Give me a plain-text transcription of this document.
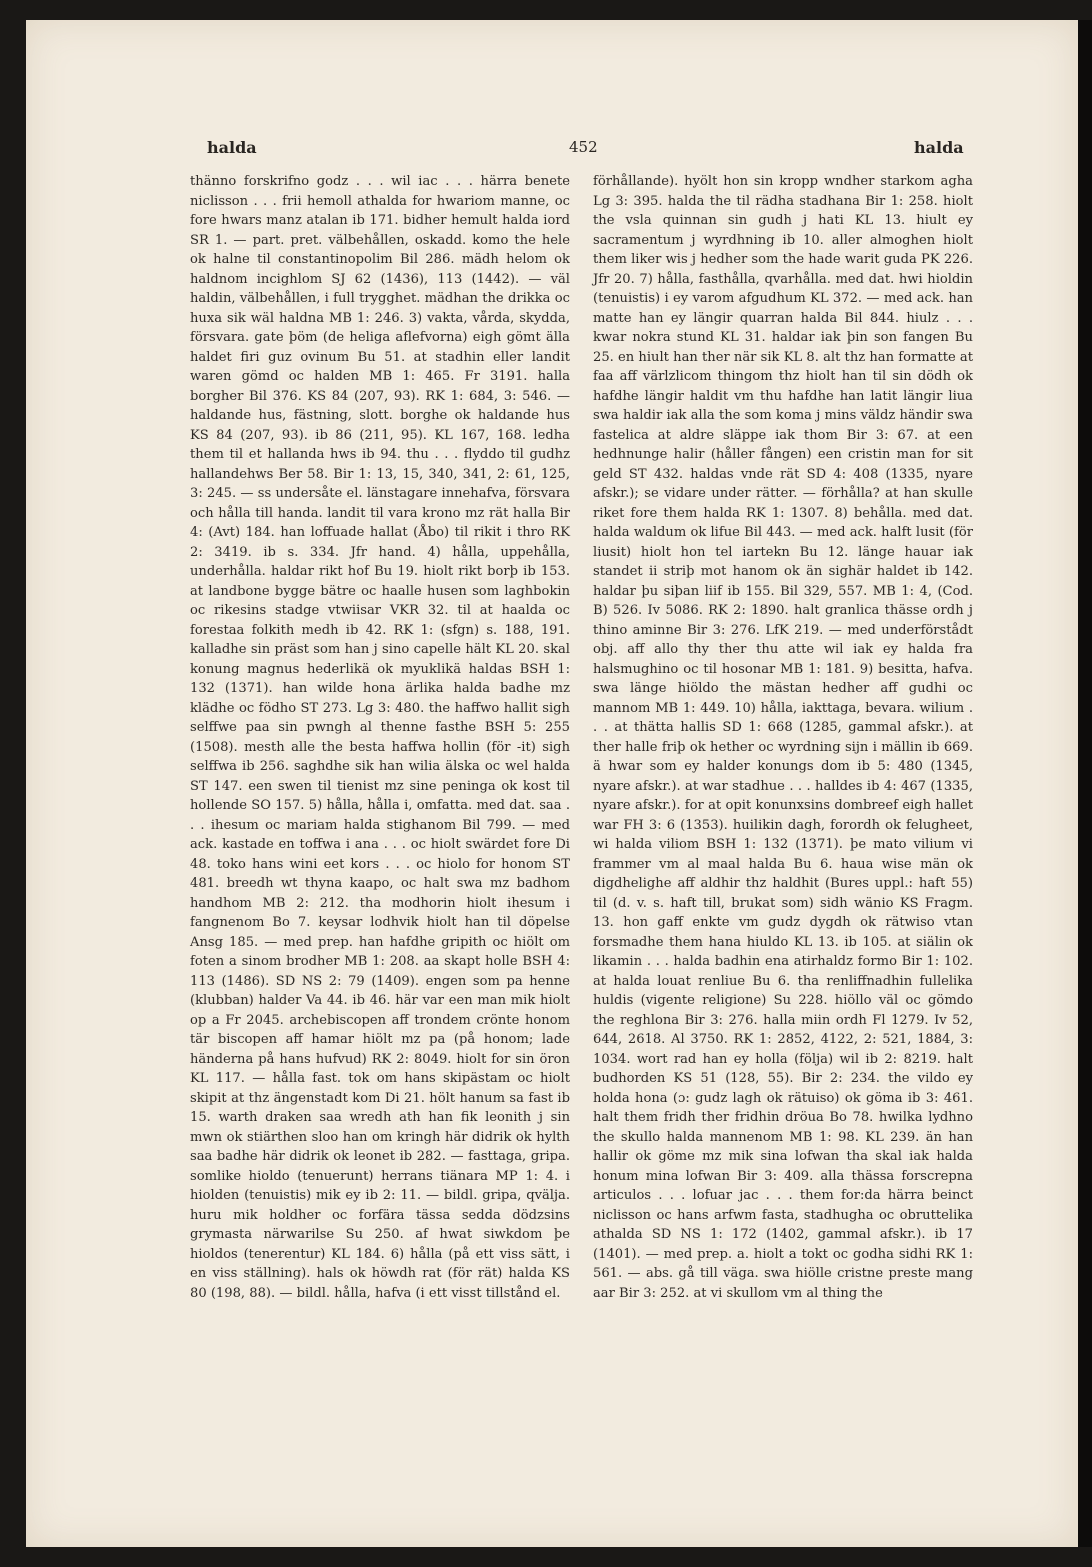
halda	452	halda

thänno forskrifno godz . . . wil iac . . . härra benete niclisson . . . frii hemoll athalda for hwariom manne, oc fore hwars manz atalan ib 171. bidher hemult halda iord SR 1. — part. pret. välbehållen, oskadd. komo the hele ok halne til constantinopolim Bil 286. mädh helom ok haldnom incighlom SJ 62 (1436), 113 (1442). — väl haldin, välbehållen, i full trygghet. mädhan the drikka oc huxa sik wäl haldna MB 1: 246. 3) vakta, vårda, skydda, försvara. gate þöm (de heliga aflefvorna) eigh gömt älla haldet firi guz ovinum Bu 51. at stadhin eller landit waren gömd oc halden MB 1: 465. Fr 3191. halla borgher Bil 376. KS 84 (207, 93). RK 1: 684, 3: 546. — haldande hus, fästning, slott. borghe ok haldande hus KS 84 (207, 93). ib 86 (211, 95). KL 167, 168. ledha them til et hallanda hws ib 94. thu . . . flyddo til gudhz hallandehws Ber 58. Bir 1: 13, 15, 340, 341, 2: 61, 125, 3: 245. — ss undersåte el. länstagare innehafva, försvara och hålla till handa. landit til vara krono mz rät halla Bir 4: (Avt) 184. han loffuade hallat (Åbo) til rikit i thro RK 2: 3419. ib s. 334. Jfr hand. 4) hålla, uppehålla, underhålla. haldar rikt hof Bu 19. hiolt rikt borþ ib 153. at landbone bygge bätre oc haalle husen som laghbokin oc rikesins stadge vtwiisar VKR 32. til at haalda oc forestaa folkith medh ib 42. RK 1: (sfgn) s. 188, 191. kalladhe sin präst som han j sino capelle hält KL 20. skal konung magnus hederlikä ok myuklikä haldas BSH 1: 132 (1371). han wilde hona ärlika halda badhe mz klädhe oc födho ST 273. Lg 3: 480. the haffwo hallit sigh selffwe paa sin pwngh al thenne fasthe BSH 5: 255 (1508). mesth alle the besta haffwa hollin (för -it) sigh selffwa ib 256. saghdhe sik han wilia älska oc wel halda ST 147. een swen til tienist mz sine peninga ok kost til hollende SO 157. 5) hålla, hålla i, omfatta. med dat. saa . . . ihesum oc mariam halda stighanom Bil 799. — med ack. kastade en toffwa i ana . . . oc hiolt swärdet fore Di 48. toko hans wini eet kors . . . oc hiolo for honom ST 481. breedh wt thyna kaapo, oc halt swa mz badhom handhom MB 2: 212. tha modhorin hiolt ihesum i fangnenom Bo 7. keysar lodhvik hiolt han til döpelse Ansg 185. — med prep. han hafdhe gripith oc hiölt om foten a sinom brodher MB 1: 208. aa skapt holle BSH 4: 113 (1486). SD NS 2: 79 (1409). engen som pa henne (klubban) halder Va 44. ib 46. här var een man mik hiolt op a Fr 2045. archebiscopen aff trondem crönte honom tär biscopen aff hamar hiölt mz pa (på honom; lade händerna på hans hufvud) RK 2: 8049. hiolt for sin öron KL 117. — hålla fast. tok om hans skipästam oc hiolt skipit at thz ängenstadt kom Di 21. hölt hanum sa fast ib 15. warth draken saa wredh ath han fik leonith j sin mwn ok stiärthen sloo han om kringh här didrik ok hylth saa badhe här didrik ok leonet ib 282. — fasttaga, gripa. somlike hioldo (tenuerunt) herrans tiänara MP 1: 4. i hiolden (tenuistis) mik ey ib 2: 11. — bildl. gripa, qvälja. huru mik holdher oc forfära tässa sedda dödzsins grymasta närwarilse Su 250. af hwat siwkdom þe hioldos (tenerentur) KL 184. 6) hålla (på ett viss sätt, i en viss ställning). hals ok höwdh rat (för rät) halda KS 80 (198, 88). — bildl. hålla, hafva (i ett visst tillstånd el.

förhållande). hyölt hon sin kropp wndher starkom agha Lg 3: 395. halda the til rädha stadhana Bir 1: 258. hiolt the vsla quinnan sin gudh j hati KL 13. hiult ey sacramentum j wyrdhning ib 10. aller almoghen hiolt them liker wis j hedher som the hade warit guda PK 226. Jfr 20. 7) hålla, fasthålla, qvarhålla. med dat. hwi hioldin (tenuistis) i ey varom afgudhum KL 372. — med ack. han matte han ey längir quarran halda Bil 844. hiulz . . . kwar nokra stund KL 31. haldar iak þin son fangen Bu 25. en hiult han ther när sik KL 8. alt thz han formatte at faa aff värlzlicom thingom thz hiolt han til sin dödh ok hafdhe längir haldit vm thu hafdhe han latit längir liua swa haldir iak alla the som koma j mins väldz händir swa fastelica at aldre släppe iak thom Bir 3: 67. at een hedhnunge halir (håller fången) een cristin man for sit geld ST 432. haldas vnde rät SD 4: 408 (1335, nyare afskr.); se vidare under rätter. — förhålla? at han skulle riket fore them halda RK 1: 1307. 8) behålla. med dat. halda waldum ok lifue Bil 443. — med ack. halft lusit (för liusit) hiolt hon tel iartekn Bu 12. länge hauar iak standet ii striþ mot hanom ok än sighär haldet ib 142. haldar þu siþan liif ib 155. Bil 329, 557. MB 1: 4, (Cod. B) 526. Iv 5086. RK 2: 1890. halt granlica thässe ordh j thino aminne Bir 3: 276. LfK 219. — med underförstådt obj. aff allo thy ther thu atte wil iak ey halda fra halsmughino oc til hosonar MB 1: 181. 9) besitta, hafva. swa länge hiöldo the mästan hedher aff gudhi oc mannom MB 1: 449. 10) hålla, iakttaga, bevara. wilium . . . at thätta hallis SD 1: 668 (1285, gammal afskr.). at ther halle friþ ok hether oc wyrdning sijn i mällin ib 669. ä hwar som ey halder konungs dom ib 5: 480 (1345, nyare afskr.). at war stadhue . . . halldes ib 4: 467 (1335, nyare afskr.). for at opit konunxsins dombreef eigh hallet war FH 3: 6 (1353). huilikin dagh, forordh ok felugheet, wi halda viliom BSH 1: 132 (1371). þe mato vilium vi frammer vm al maal halda Bu 6. haua wise män ok digdhelighe aff aldhir thz haldhit (Bures uppl.: haft 55) til (d. v. s. haft till, brukat som) sidh wänio KS Fragm. 13. hon gaff enkte vm gudz dygdh ok rätwiso vtan forsmadhe them hana hiuldo KL 13. ib 105. at siälin ok likamin . . . halda badhin ena atirhaldz formo Bir 1: 102. at halda louat renliue Bu 6. tha renliffnadhin fullelika huldis (vigente religione) Su 228. hiöllo väl oc gömdo the reghlona Bir 3: 276. halla miin ordh Fl 1279. Iv 52, 644, 2618. Al 3750. RK 1: 2852, 4122, 2: 521, 1884, 3: 1034. wort rad han ey holla (följa) wil ib 2: 8219. halt budhorden KS 51 (128, 55). Bir 2: 234. the vildo ey holda hona (ɔ: gudz lagh ok rätuiso) ok göma ib 3: 461. halt them fridh ther fridhin dröua Bo 78. hwilka lydhno the skullo halda mannenom MB 1: 98. KL 239. än han hallir ok göme mz mik sina lofwan tha skal iak halda honum mina lofwan Bir 3: 409. alla thässa forscrepna articulos . . . lofuar jac . . . them for:da härra beinct niclisson oc hans arfwm fasta, stadhugha oc obruttelika athalda SD NS 1: 172 (1402, gammal afskr.). ib 17 (1401). — med prep. a. hiolt a tokt oc godha sidhi RK 1: 561. — abs. gå till väga. swa hiölle cristne preste mang aar Bir 3: 252. at vi skullom vm al thing the
